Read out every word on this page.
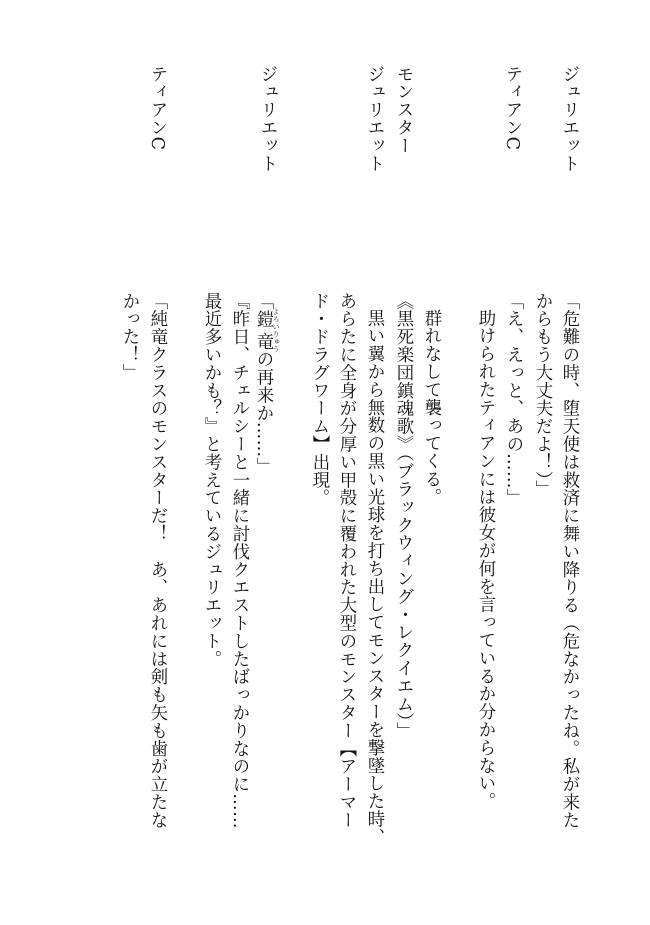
ジュリエット
ティアンC
モンスター
ジュリエット
ジュリエット
ティアンC
「危難の時、堕天使は救済に舞い降りる（危なかったね。私が来た
からもう大丈夫だよ！）」
「え、えっと、あの……」
助けられたティアンには彼女が何を言っているか分からない。
群れなして襲ってくる。
《黒死楽団鎮魂歌》（ブラックウィング・レクイエム）」
黒い翼から無数の黒い光球を打ち出してモンスターを撃墜した時、
あらたに全身が分厚い甲殻に覆われた大型のモンスター【アーマー
ド・ドラグワーム】出現。
「鎧竜 よろいりゅうの再来か……」
『昨日、チェルシーと一緒に討伐クエストしたばっかりなのに……
最近多いかも？』と考えているジュリエット。
「純竜クラスのモンスターだ！　あ、あれには剣も矢も歯が立たな
かった！」
